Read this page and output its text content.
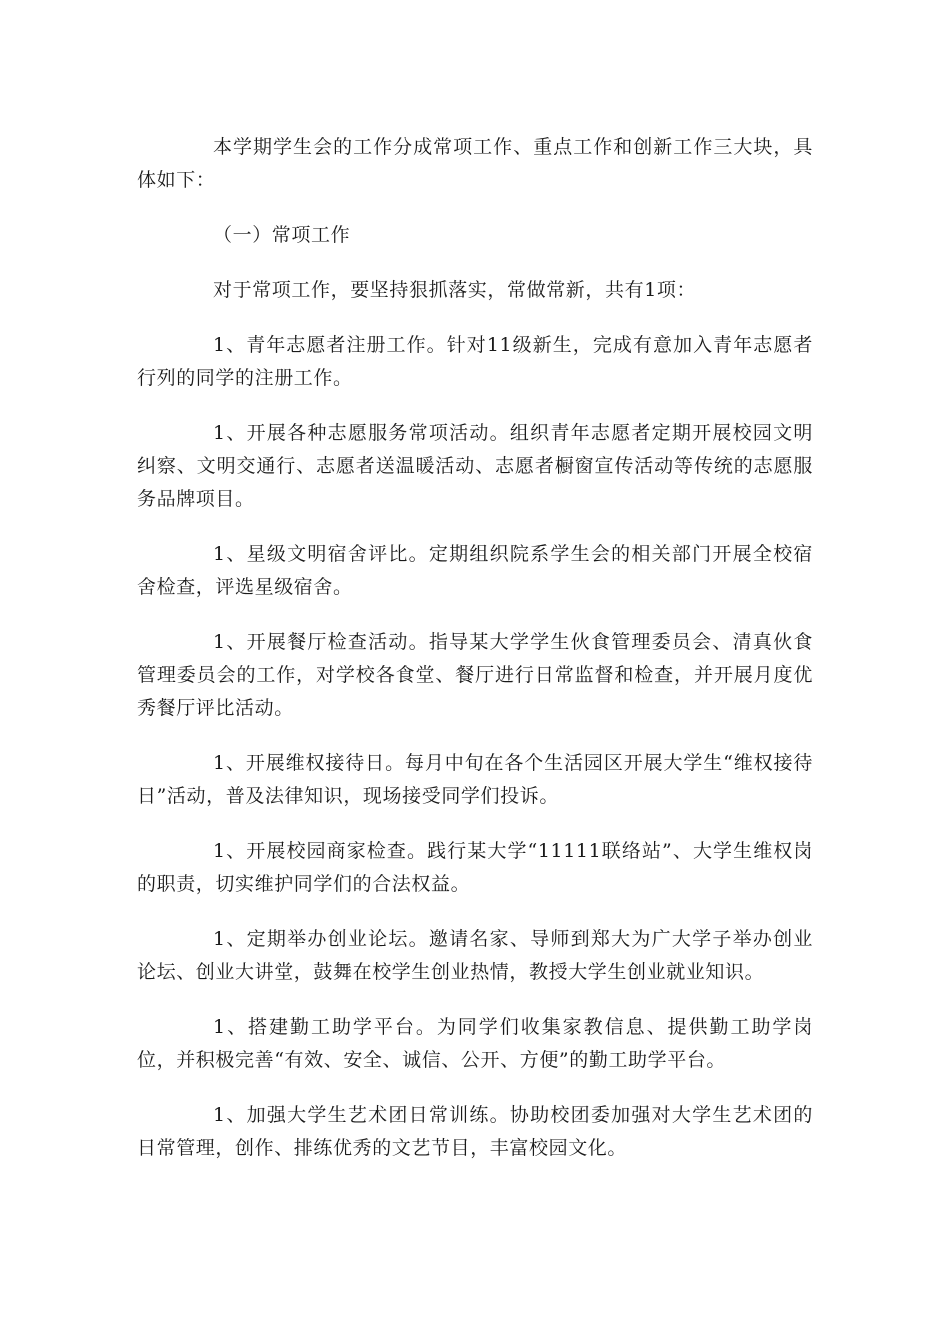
本学期学生会的工作分成常项工作、重点工作和创新工作三大块，具体如下：

（一）常项工作

对于常项工作，要坚持狠抓落实，常做常新，共有1项：

1、青年志愿者注册工作。针对11级新生，完成有意加入青年志愿者行列的同学的注册工作。

1、开展各种志愿服务常项活动。组织青年志愿者定期开展校园文明纠察、文明交通行、志愿者送温暖活动、志愿者橱窗宣传活动等传统的志愿服务品牌项目。

1、星级文明宿舍评比。定期组织院系学生会的相关部门开展全校宿舍检查，评选星级宿舍。

1、开展餐厅检查活动。指导某大学学生伙食管理委员会、清真伙食管理委员会的工作，对学校各食堂、餐厅进行日常监督和检查，并开展月度优秀餐厅评比活动。

1、开展维权接待日。每月中旬在各个生活园区开展大学生“维权接待日”活动，普及法律知识，现场接受同学们投诉。

1、开展校园商家检查。践行某大学“11111联络站”、大学生维权岗的职责，切实维护同学们的合法权益。

1、定期举办创业论坛。邀请名家、导师到郑大为广大学子举办创业论坛、创业大讲堂，鼓舞在校学生创业热情，教授大学生创业就业知识。

1、搭建勤工助学平台。为同学们收集家教信息、提供勤工助学岗位，并积极完善“有效、安全、诚信、公开、方便”的勤工助学平台。

1、加强大学生艺术团日常训练。协助校团委加强对大学生艺术团的日常管理，创作、排练优秀的文艺节目，丰富校园文化。
